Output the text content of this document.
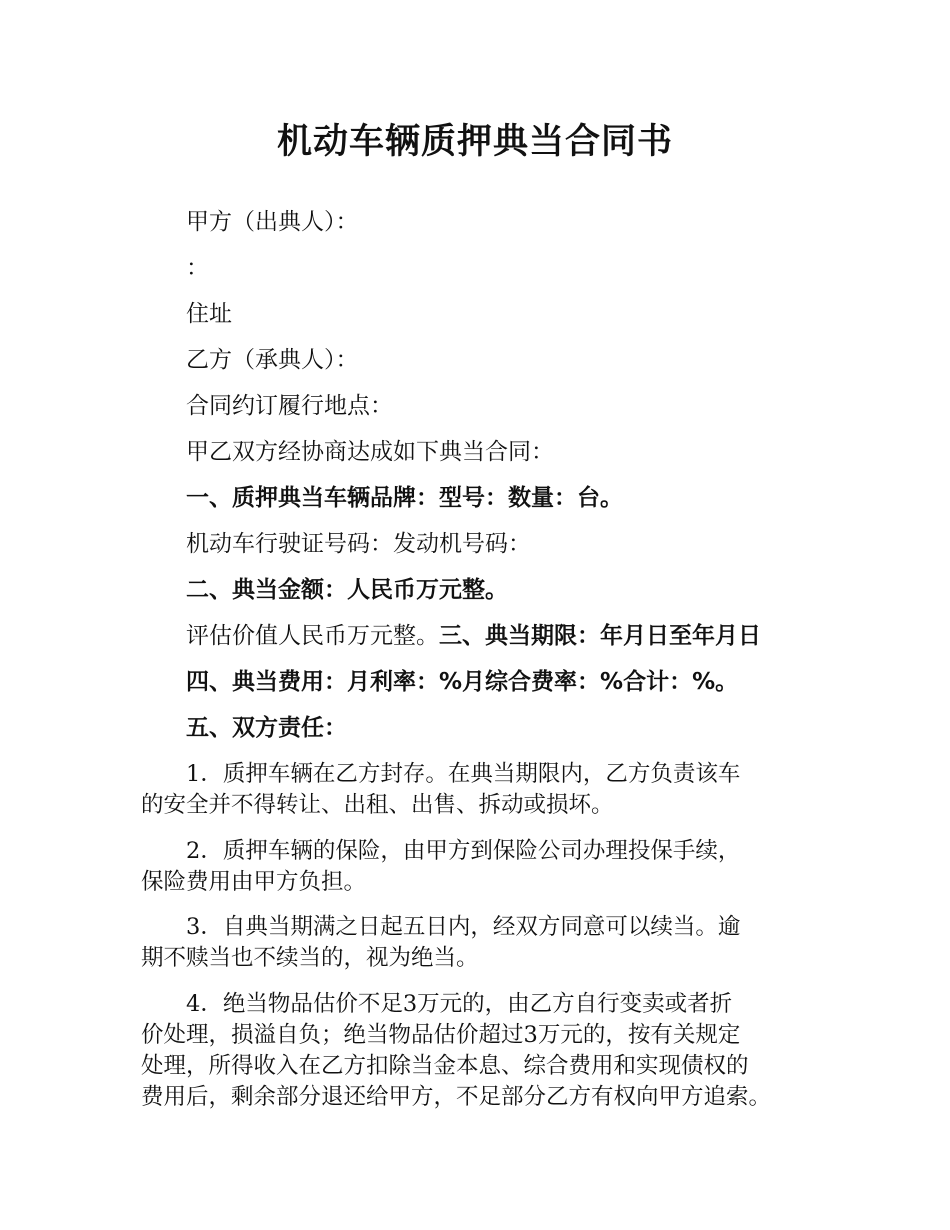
机动车辆质押典当合同书
甲方（出典人）：
：
住址
乙方（承典人）：
合同约订履行地点：
甲乙双方经协商达成如下典当合同：
一、质押典当车辆品牌：型号：数量：台。
机动车行驶证号码：发动机号码：
二、典当金额：人民币万元整。
评估价值人民币万元整。三、典当期限：年月日至年月日
四、典当费用：月利率：%月综合费率：%合计：%。
五、双方责任：
1．质押车辆在乙方封存。在典当期限内，乙方负责该车
的安全并不得转让、出租、出售、拆动或损坏。
2．质押车辆的保险，由甲方到保险公司办理投保手续，
保险费用由甲方负担。
3．自典当期满之日起五日内，经双方同意可以续当。逾
期不赎当也不续当的，视为绝当。
4．绝当物品估价不足3万元的，由乙方自行变卖或者折
价处理，损溢自负；绝当物品估价超过3万元的，按有关规定
处理，所得收入在乙方扣除当金本息、综合费用和实现债权的
费用后，剩余部分退还给甲方，不足部分乙方有权向甲方追索。
